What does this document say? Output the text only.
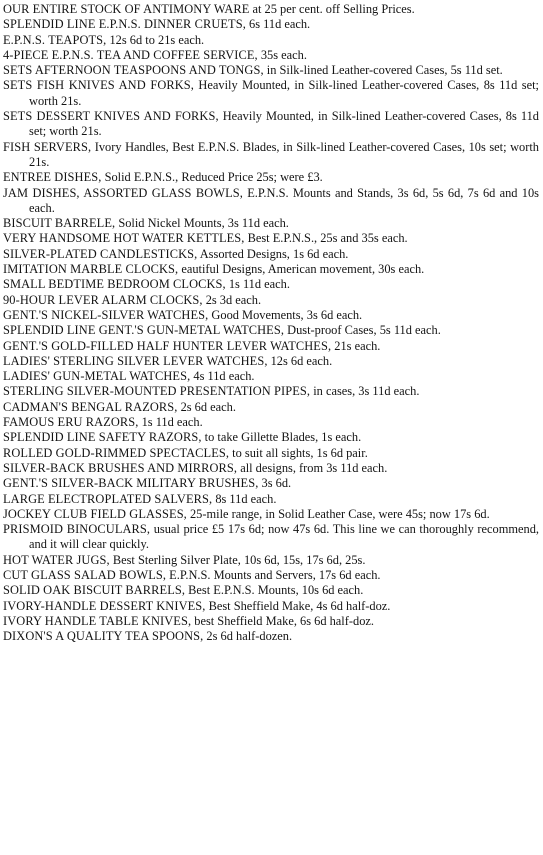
OUR ENTIRE STOCK OF ANTIMONY WARE at 25 per cent. off Selling Prices.

SPLENDID LINE E.P.N.S. DINNER CRUETS, 6s 11d each.

E.P.N.S. TEAPOTS, 12s 6d to 21s each.

4-PIECE E.P.N.S. TEA AND COFFEE SERVICE, 35s each.

SETS AFTERNOON TEASPOONS AND TONGS, in Silk-lined Leather-covered Cases, 5s 11d set.

SETS FISH KNIVES AND FORKS, Heavily Mounted, in Silk-lined Leather-covered Cases, 8s 11d set; worth 21s.

SETS DESSERT KNIVES AND FORKS, Heavily Mounted, in Silk-lined Leather-covered Cases, 8s 11d set; worth 21s.

FISH SERVERS, Ivory Handles, Best E.P.N.S. Blades, in Silk-lined Leather-covered Cases, 10s set; worth 21s.

ENTREE DISHES, Solid E.P.N.S., Reduced Price 25s; were £3.

JAM DISHES, ASSORTED GLASS BOWLS, E.P.N.S. Mounts and Stands, 3s 6d, 5s 6d, 7s 6d and 10s each.

BISCUIT BARRELE, Solid Nickel Mounts, 3s 11d each.

VERY HANDSOME HOT WATER KETTLES, Best E.P.N.S., 25s and 35s each.

SILVER-PLATED CANDLESTICKS, Assorted Designs, 1s 6d each.

IMITATION MARBLE CLOCKS, eautiful Designs, American movement, 30s each.

SMALL BEDTIME BEDROOM CLOCKS, 1s 11d each.

90-HOUR LEVER ALARM CLOCKS, 2s 3d each.

GENT.'S NICKEL-SILVER WATCHES, Good Movements, 3s 6d each.

SPLENDID LINE GENT.'S GUN-METAL WATCHES, Dust-proof Cases, 5s 11d each.

GENT.'S GOLD-FILLED HALF HUNTER LEVER WATCHES, 21s each.

LADIES' STERLING SILVER LEVER WATCHES, 12s 6d each.

LADIES' GUN-METAL WATCHES, 4s 11d each.

STERLING SILVER-MOUNTED PRESENTATION PIPES, in cases, 3s 11d each.

CADMAN'S BENGAL RAZORS, 2s 6d each.

FAMOUS ERU RAZORS, 1s 11d each.

SPLENDID LINE SAFETY RAZORS, to take Gillette Blades, 1s each.

ROLLED GOLD-RIMMED SPECTACLES, to suit all sights, 1s 6d pair.

SILVER-BACK BRUSHES AND MIRRORS, all designs, from 3s 11d each.

GENT.'S SILVER-BACK MILITARY BRUSHES, 3s 6d.

LARGE ELECTROPLATED SALVERS, 8s 11d each.

JOCKEY CLUB FIELD GLASSES, 25-mile range, in Solid Leather Case, were 45s; now 17s 6d.

PRISMOID BINOCULARS, usual price £5 17s 6d; now 47s 6d. This line we can thoroughly recommend, and it will clear quickly.

HOT WATER JUGS, Best Sterling Silver Plate, 10s 6d, 15s, 17s 6d, 25s.

CUT GLASS SALAD BOWLS, E.P.N.S. Mounts and Servers, 17s 6d each.

SOLID OAK BISCUIT BARRELS, Best E.P.N.S. Mounts, 10s 6d each.

IVORY-HANDLE DESSERT KNIVES, Best Sheffield Make, 4s 6d half-doz.

IVORY HANDLE TABLE KNIVES, best Sheffield Make, 6s 6d half-doz.

DIXON'S A QUALITY TEA SPOONS, 2s 6d half-dozen.
